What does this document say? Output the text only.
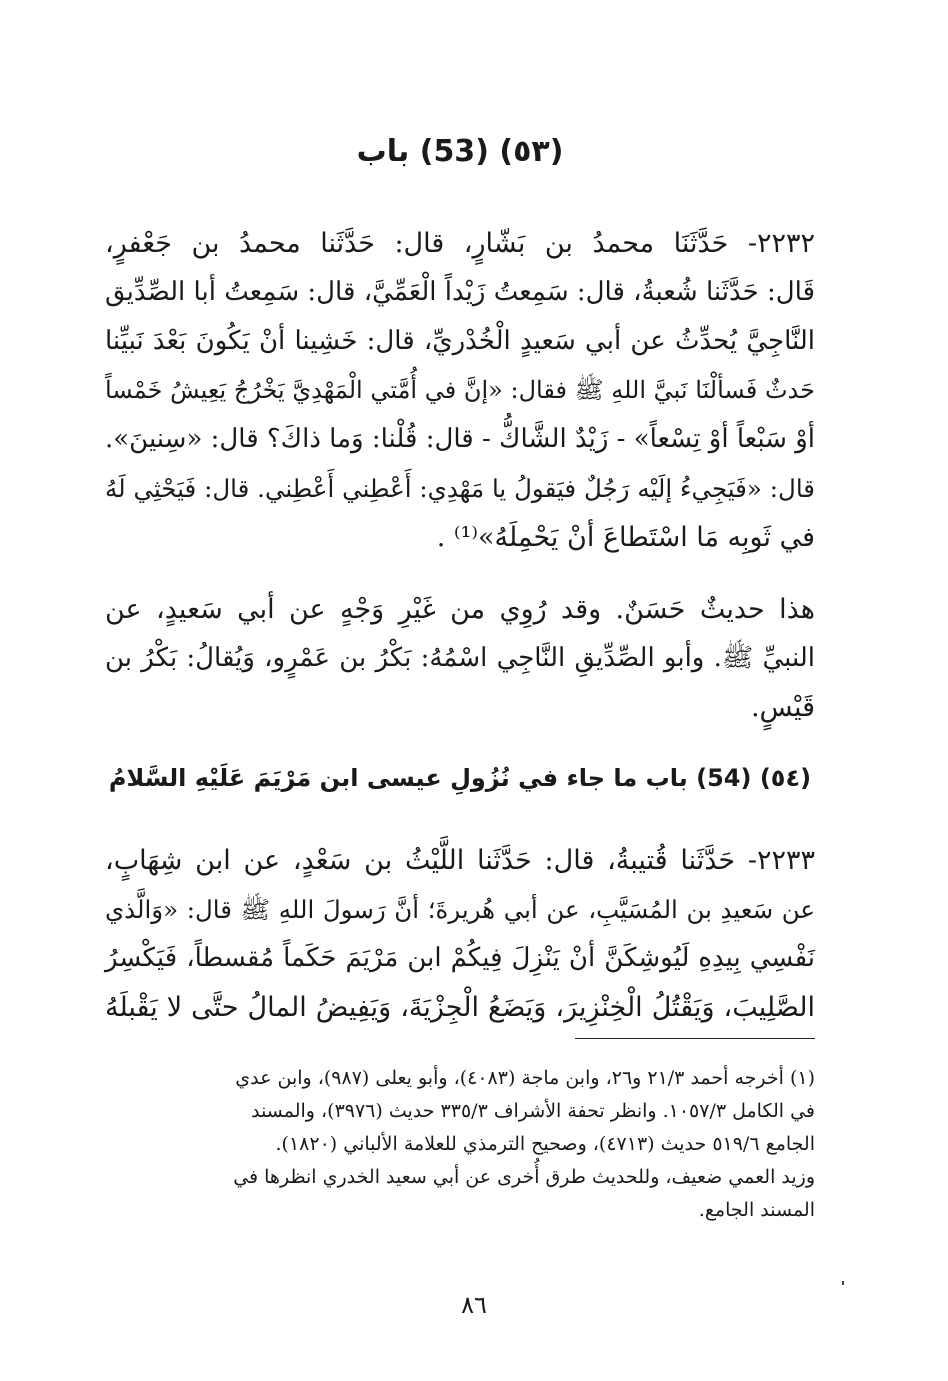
(٥٣) (53) باب
٢٢٣٢- حَدَّثَنَا محمدُ بن بَشّارٍ، قال: حَدَّثَنا محمدُ بن جَعْفرٍ،
قَال: حَدَّثَنا شُعبةُ، قال: سَمِعتُ زَيْداً الْعَمِّيَّ، قال: سَمِعتُ أبا الصِّدِّيق
النَّاجِيَّ يُحدِّثُ عن أبي سَعيدٍ الْخُدْريِّ، قال: خَشِينا أنْ يَكُونَ بَعْدَ نَبيِّنا
حَدثٌ فَسألْنَا نَبيَّ اللهِ ﷺ فقال: «إنَّ في أُمَّتي الْمَهْدِيَّ يَخْرُجُ يَعِيشُ خَمْساً
أوْ سَبْعاً أوْ تِسْعاً» - زَيْدٌ الشَّاكُّ - قال: قُلْنا: وَما ذاكَ؟ قال: «سِنينَ».
قال: «فَيَجِيءُ إلَيْه رَجُلٌ فيَقولُ يا مَهْدِي: أَعْطِني أَعْطِني. قال: فَيَحْثِي لَهُ
في ثَوبِه مَا اسْتَطاعَ أنْ يَحْمِلَهُ»⁽¹⁾ .
هذا حديثٌ حَسَنٌ. وقد رُوِي من غَيْرِ وَجْهٍ عن أبي سَعيدٍ، عن
النبيِّ ﷺ. وأبو الصِّدِّيقِ النَّاجِي اسْمُهُ: بَكْرُ بن عَمْرٍو، وَيُقالُ: بَكْرُ بن
قَيْسٍ.
(٥٤) (54) باب ما جاء في نُزُولِ عيسى ابن مَرْيَمَ عَلَيْهِ السَّلامُ
٢٢٣٣- حَدَّثَنا قُتيبةُ، قال: حَدَّثَنا اللَّيْثُ بن سَعْدٍ، عن ابن شِهَابٍ،
عن سَعيدِ بن المُسَيَّبِ، عن أبي هُريرةَ؛ أنَّ رَسولَ اللهِ ﷺ قال: «وَالَّذي
نَفْسِي بِيدِهِ لَيُوشِكَنَّ أنْ يَنْزِلَ فِيكُمْ ابن مَرْيَمَ حَكَماً مُقسطاً، فَيَكْسِرُ
الصَّلِيبَ، وَيَقْتُلُ الْخِنْزِيرَ، وَيَضَعُ الْجِزْيَةَ، وَيَفِيضُ المالُ حتَّى لا يَقْبلَهُ
(١) أخرجه أحمد ٢١/٣ و٢٦، وابن ماجة (٤٠٨٣)، وأبو يعلى (٩٨٧)، وابن عدي
في الكامل ١٠٥٧/٣. وانظر تحفة الأشراف ٣٣٥/٣ حديث (٣٩٧٦)، والمسند
الجامع ٥١٩/٦ حديث (٤٧١٣)، وصحيح الترمذي للعلامة الألباني (١٨٢٠).
وزيد العمي ضعيف، وللحديث طرق أُخرى عن أبي سعيد الخدري انظرها في
المسند الجامع.
٨٦
